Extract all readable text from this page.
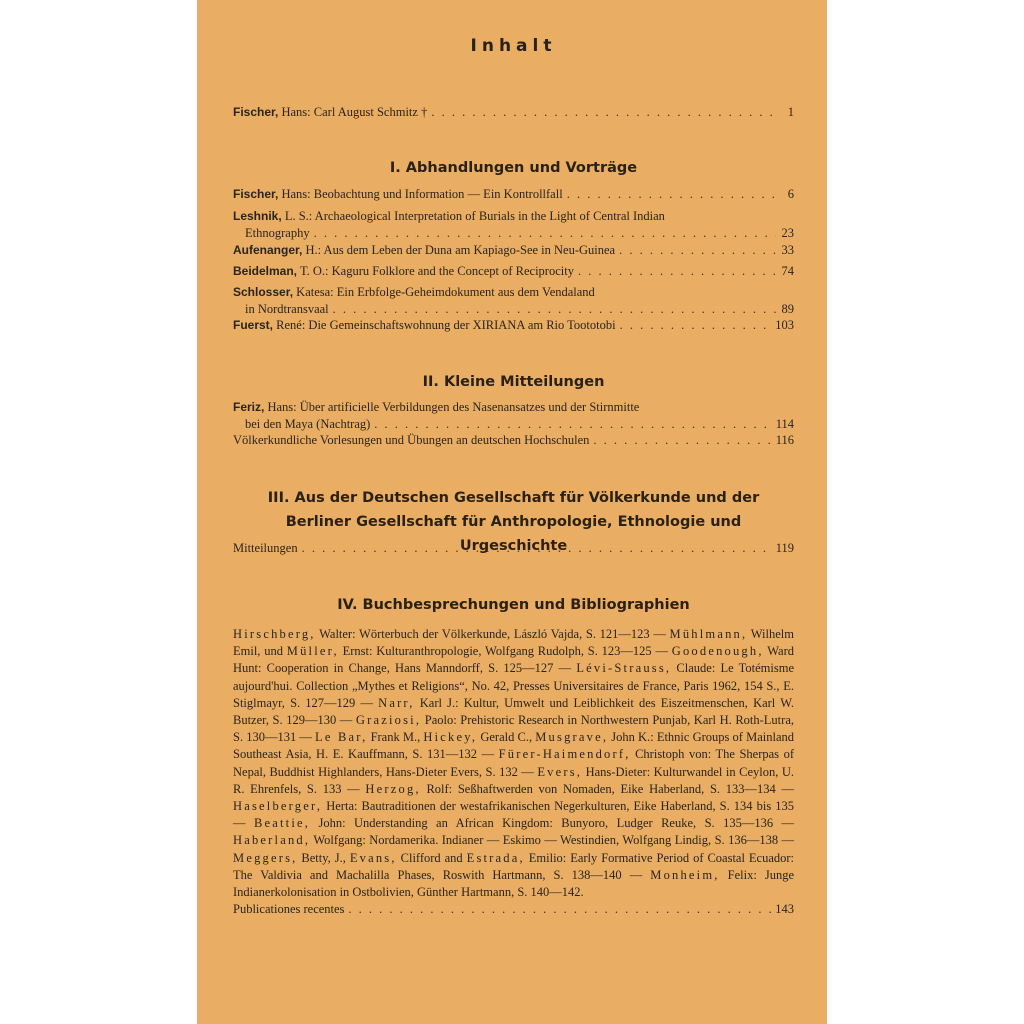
Inhalt
Fischer, Hans: Carl August Schmitz † . . .	1
I. Abhandlungen und Vorträge
Fischer, Hans: Beobachtung und Information — Ein Kontrollfall . . .	6
Leshnik, L. S.: Archaeological Interpretation of Burials in the Light of Central Indian
Ethnography . . .	23
Aufenanger, H.: Aus dem Leben der Duna am Kapiago-See in Neu-Guinea . . .	33
Beidelman, T. O.: Kaguru Folklore and the Concept of Reciprocity . . .	74
Schlosser, Katesa: Ein Erbfolge-Geheimdokument aus dem Vendaland
in Nordtransvaal . . .	89
Fuerst, René: Die Gemeinschaftswohnung der XIRIANA am Rio Toototobi . . .	103
II. Kleine Mitteilungen
Feriz, Hans: Über artificielle Verbildungen des Nasenansatzes und der Stirnmitte
bei den Maya (Nachtrag) . . .	114
Völkerkundliche Vorlesungen und Übungen an deutschen Hochschulen . . .	116
III. Aus der Deutschen Gesellschaft für Völkerkunde und der
Berliner Gesellschaft für Anthropologie, Ethnologie und Urgeschichte
Mitteilungen . . .	119
IV. Buchbesprechungen und Bibliographien
Hirschberg, Walter: Wörterbuch der Völkerkunde, László Vajda, S. 121—123 — Mühlmann, Wilhelm Emil, und Müller, Ernst: Kulturanthropologie, Wolfgang Rudolph, S. 123—125 — Goodenough, Ward Hunt: Cooperation in Change, Hans Manndorff, S. 125—127 — Lévi-Strauss, Claude: Le Totémisme aujourd'hui. Collection „Mythes et Religions“, No. 42, Presses Universitaires de France, Paris 1962, 154 S., E. Stiglmayr, S. 127—129 — Narr, Karl J.: Kultur, Umwelt und Leiblichkeit des Eiszeitmenschen, Karl W. Butzer, S. 129—130 — Graziosi, Paolo: Prehistoric Research in Northwestern Punjab, Karl H. Roth-Lutra, S. 130—131 — Le Bar, Frank M., Hickey, Gerald C., Musgrave, John K.: Ethnic Groups of Mainland Southeast Asia, H. E. Kauffmann, S. 131—132 — Fürer-Haimendorf, Christoph von: The Sherpas of Nepal, Buddhist Highlanders, Hans-Dieter Evers, S. 132 — Evers, Hans-Dieter: Kulturwandel in Ceylon, U. R. Ehrenfels, S. 133 — Herzog, Rolf: Seßhaftwerden von Nomaden, Eike Haberland, S. 133—134 — Haselberger, Herta: Bautraditionen der westafrikanischen Negerkulturen, Eike Haberland, S. 134 bis 135 — Beattie, John: Understanding an African Kingdom: Bunyoro, Ludger Reuke, S. 135—136 — Haberland, Wolfgang: Nordamerika. Indianer — Eskimo — Westindien, Wolfgang Lindig, S. 136—138 — Meggers, Betty, J., Evans, Clifford and Estrada, Emilio: Early Formative Period of Coastal Ecuador: The Valdivia and Machalilla Phases, Roswith Hartmann, S. 138—140 — Monheim, Felix: Junge Indianerkolonisation in Ostbolivien, Günther Hartmann, S. 140—142.
Publicationes recentes . . .	143
